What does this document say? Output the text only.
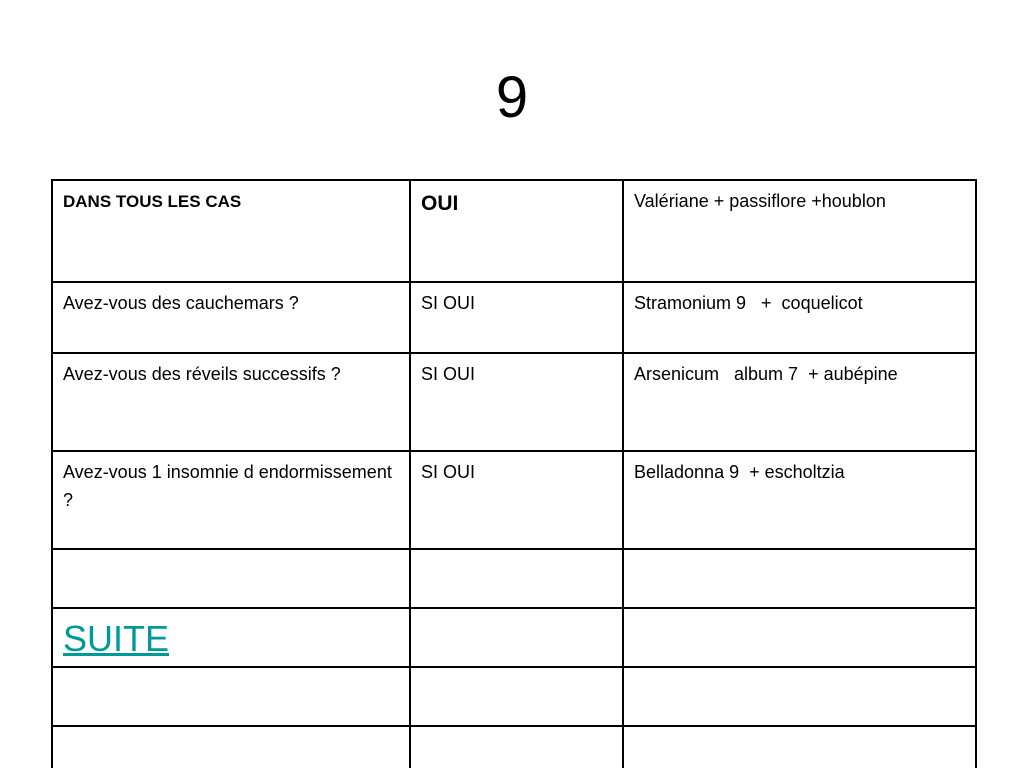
9
DANS TOUS LES CAS	OUI	Valériane + passiflore +houblon
Avez-vous des cauchemars ?	SI OUI	Stramonium 9   +  coquelicot
Avez-vous des réveils successifs ?	SI OUI	Arsenicum   album 7  + aubépine
Avez-vous 1 insomnie d endormissement  ?	SI OUI	Belladonna 9  + escholtzia

SUITE		
